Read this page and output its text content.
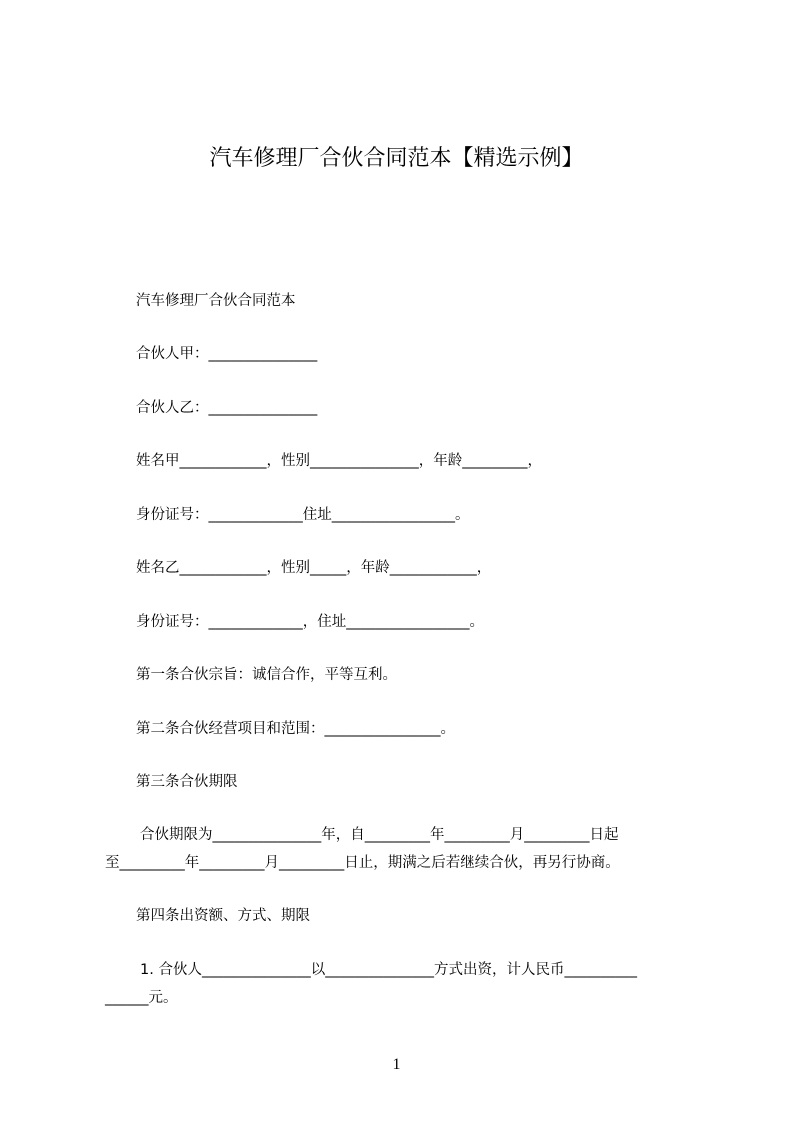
汽车修理厂合伙合同范本【精选示例】
汽车修理厂合伙合同范本
合伙人甲：_______________
合伙人乙：_______________
姓名甲____________，性别_______________，年龄_________，
身份证号：_____________住址_________________。
姓名乙____________，性别_____，年龄____________，
身份证号：_____________，住址_________________。
第一条合伙宗旨：诚信合作，平等互利。
第二条合伙经营项目和范围：________________。
第三条合伙期限
合伙期限为_______________年，自_________年_________月_________日起
至_________年_________月_________日止，期满之后若继续合伙，再另行协商。
第四条出资额、方式、期限
1. 合伙人_______________以_______________方式出资，计人民币__________
______元。
1
